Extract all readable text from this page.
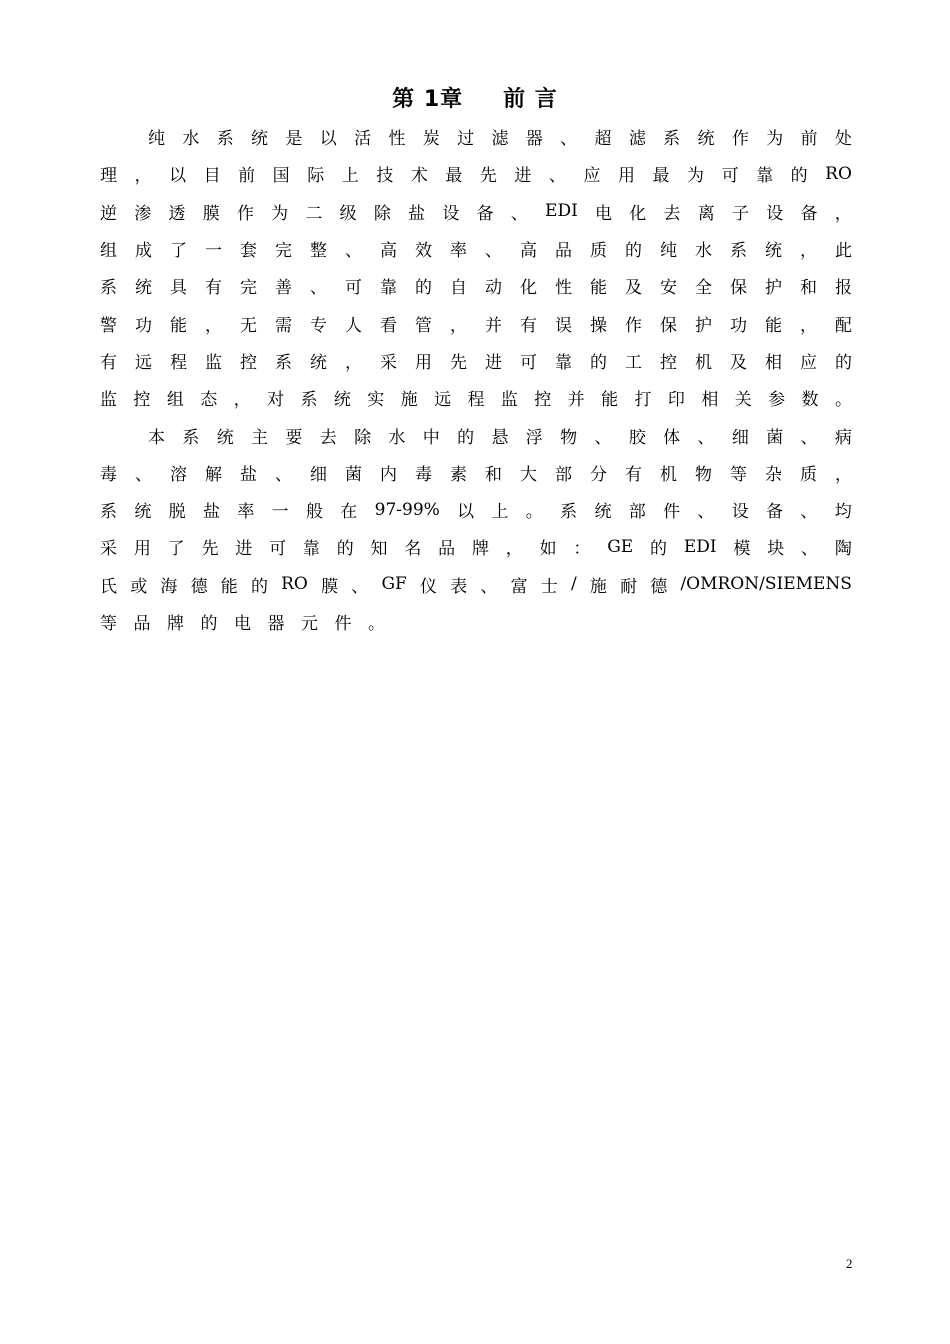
第 1章 前 言
纯 水 系 统 是 以 活 性 炭 过 滤 器 、 超 滤 系 统 作 为 前 处
理 ， 以 目 前 国 际 上 技 术 最 先 进 、 应 用 最 为 可 靠 的 RO
逆 渗 透 膜 作 为 二 级 除 盐 设 备 、 EDI 电 化 去 离 子 设 备 ，
组 成 了 一 套 完 整 、 高 效 率 、 高 品 质 的 纯 水 系 统 ， 此
系 统 具 有 完 善 、 可 靠 的 自 动 化 性 能 及 安 全 保 护 和 报
警 功 能 ， 无 需 专 人 看 管 ， 并 有 误 操 作 保 护 功 能 ， 配
有 远 程 监 控 系 统 ， 采 用 先 进 可 靠 的 工 控 机 及 相 应 的
监 控 组 态 ， 对 系 统 实 施 远 程 监 控 并 能 打 印 相 关 参 数 。
本 系 统 主 要 去 除 水 中 的 悬 浮 物 、 胶 体 、 细 菌 、 病
毒 、 溶 解 盐 、 细 菌 内 毒 素 和 大 部 分 有 机 物 等 杂 质 ，
系 统 脱 盐 率 一 般 在 97-99% 以 上 。 系 统 部 件 、 设 备 、 均
采 用 了 先 进 可 靠 的 知 名 品 牌 ， 如 ： GE 的 EDI 模 块 、 陶
氏 或 海 德 能 的 RO 膜 、 GF 仪 表 、 富 士 / 施 耐 德 /OMRON/SIEMENS
等 品 牌 的 电 器 元 件 。
2
